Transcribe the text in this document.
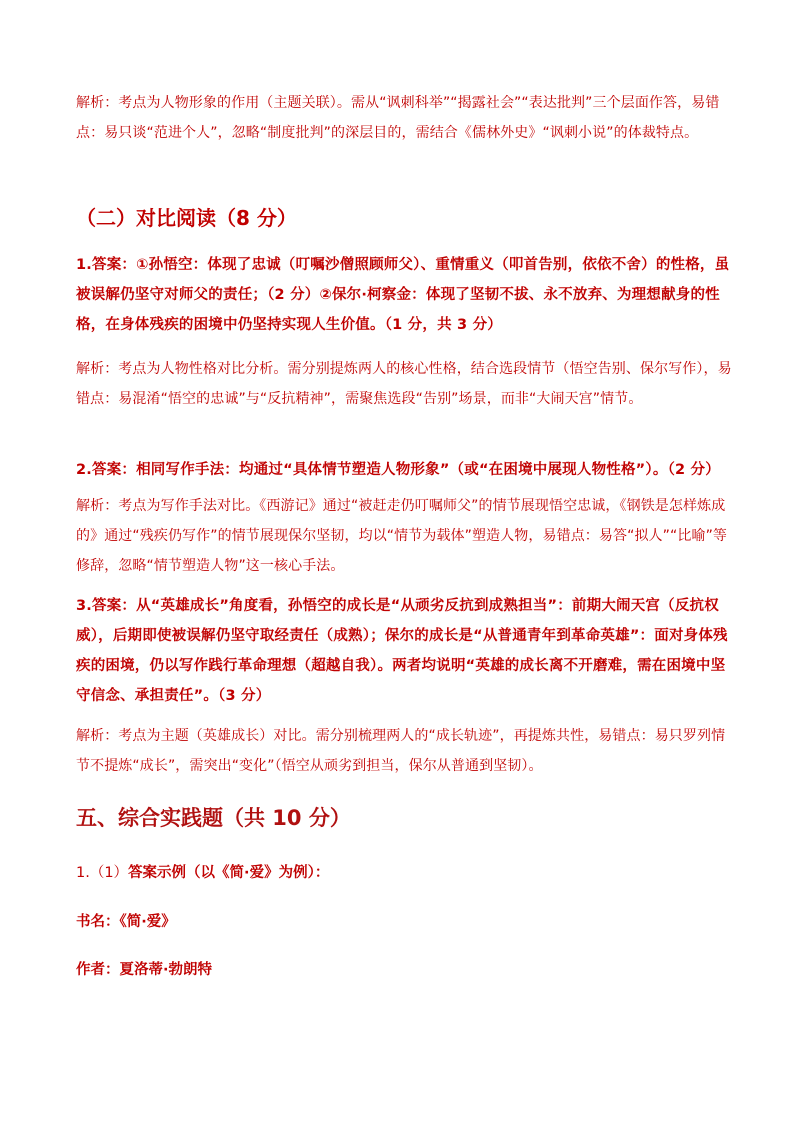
解析：考点为人物形象的作用（主题关联）。需从“讽刺科举”“揭露社会”“表达批判”三个层面作答，易错点：易只谈“范进个人”，忽略“制度批判”的深层目的，需结合《儒林外史》“讽刺小说”的体裁特点。

（二）对比阅读（8 分）

1.答案：①孙悟空：体现了忠诚（叮嘱沙僧照顾师父）、重情重义（叩首告别，依依不舍）的性格，虽被误解仍坚守对师父的责任；（2 分）②保尔·柯察金：体现了坚韧不拔、永不放弃、为理想献身的性格，在身体残疾的困境中仍坚持实现人生价值。（1 分，共 3 分）

解析：考点为人物性格对比分析。需分别提炼两人的核心性格，结合选段情节（悟空告别、保尔写作），易错点：易混淆“悟空的忠诚”与“反抗精神”，需聚焦选段“告别”场景，而非“大闹天宫”情节。

2.答案：相同写作手法：均通过“具体情节塑造人物形象”（或“在困境中展现人物性格”）。（2 分）

解析：考点为写作手法对比。《西游记》通过“被赶走仍叮嘱师父”的情节展现悟空忠诚，《钢铁是怎样炼成的》通过“残疾仍写作”的情节展现保尔坚韧，均以“情节为载体”塑造人物，易错点：易答“拟人”“比喻”等修辞，忽略“情节塑造人物”这一核心手法。

3.答案：从“英雄成长”角度看，孙悟空的成长是“从顽劣反抗到成熟担当”：前期大闹天宫（反抗权威），后期即使被误解仍坚守取经责任（成熟）；保尔的成长是“从普通青年到革命英雄”：面对身体残疾的困境，仍以写作践行革命理想（超越自我）。两者均说明“英雄的成长离不开磨难，需在困境中坚守信念、承担责任”。（3 分）

解析：考点为主题（英雄成长）对比。需分别梳理两人的“成长轨迹”，再提炼共性，易错点：易只罗列情节不提炼“成长”，需突出“变化”（悟空从顽劣到担当，保尔从普通到坚韧）。

五、综合实践题（共 10 分）
1.（1）答案示例（以《简·爱》为例）：
书名：《简·爱》
作者：夏洛蒂·勃朗特
